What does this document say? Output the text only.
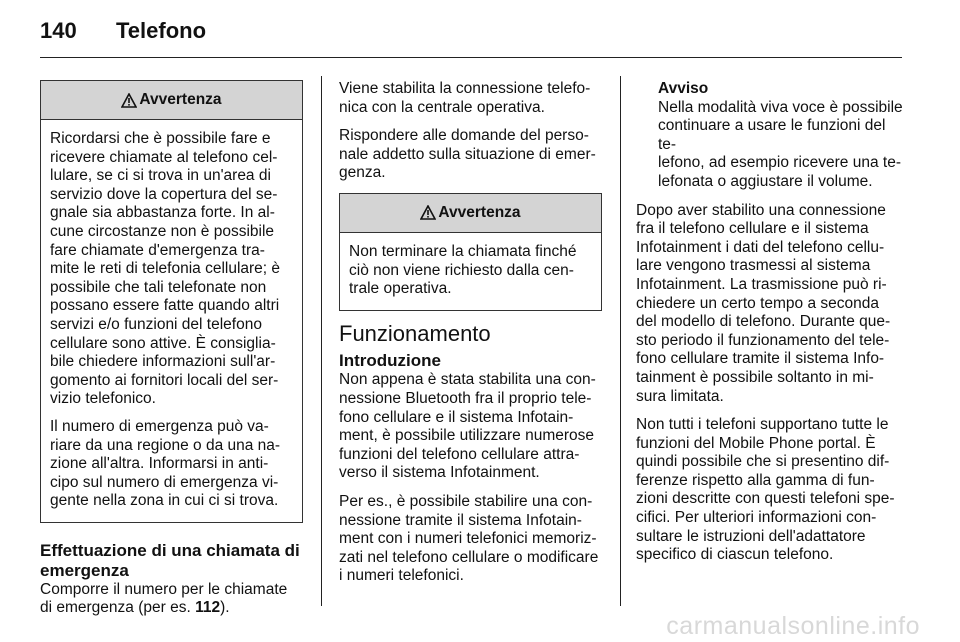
140 Telefono
Avvertenza

Ricordarsi che è possibile fare e
ricevere chiamate al telefono cel-
lulare, se ci si trova in un'area di
servizio dove la copertura del se-
gnale sia abbastanza forte. In al-
cune circostanze non è possibile
fare chiamate d'emergenza tra-
mite le reti di telefonia cellulare; è
possibile che tali telefonate non
possano essere fatte quando altri
servizi e/o funzioni del telefono
cellulare sono attive. È consiglia-
bile chiedere informazioni sull'ar-
gomento ai fornitori locali del ser-
vizio telefonico.

Il numero di emergenza può va-
riare da una regione o da una na-
zione all'altra. Informarsi in anti-
cipo sul numero di emergenza vi-
gente nella zona in cui ci si trova.

Effettuazione di una chiamata di
emergenza

Comporre il numero per le chiamate
di emergenza (per es. 112).

Viene stabilita la connessione telefo-
nica con la centrale operativa.

Rispondere alle domande del perso-
nale addetto sulla situazione di emer-
genza.

Avvertenza

Non terminare la chiamata finché
ciò non viene richiesto dalla cen-
trale operativa.

Funzionamento
Introduzione

Non appena è stata stabilita una con-
nessione Bluetooth fra il proprio tele-
fono cellulare e il sistema Infotain-
ment, è possibile utilizzare numerose
funzioni del telefono cellulare attra-
verso il sistema Infotainment.

Per es., è possibile stabilire una con-
nessione tramite il sistema Infotain-
ment con i numeri telefonici memoriz-
zati nel telefono cellulare o modificare
i numeri telefonici.

Avviso

Nella modalità viva voce è possibile
continuare a usare le funzioni del te-
lefono, ad esempio ricevere una te-
lefonata o aggiustare il volume.

Dopo aver stabilito una connessione
fra il telefono cellulare e il sistema
Infotainment i dati del telefono cellu-
lare vengono trasmessi al sistema
Infotainment. La trasmissione può ri-
chiedere un certo tempo a seconda
del modello di telefono. Durante que-
sto periodo il funzionamento del tele-
fono cellulare tramite il sistema Info-
tainment è possibile soltanto in mi-
sura limitata.

Non tutti i telefoni supportano tutte le
funzioni del Mobile Phone portal. È
quindi possibile che si presentino dif-
ferenze rispetto alla gamma di fun-
zioni descritte con questi telefoni spe-
cifici. Per ulteriori informazioni con-
sultare le istruzioni dell'adattatore
specifico di ciascun telefono.

carmanualsonline.info
